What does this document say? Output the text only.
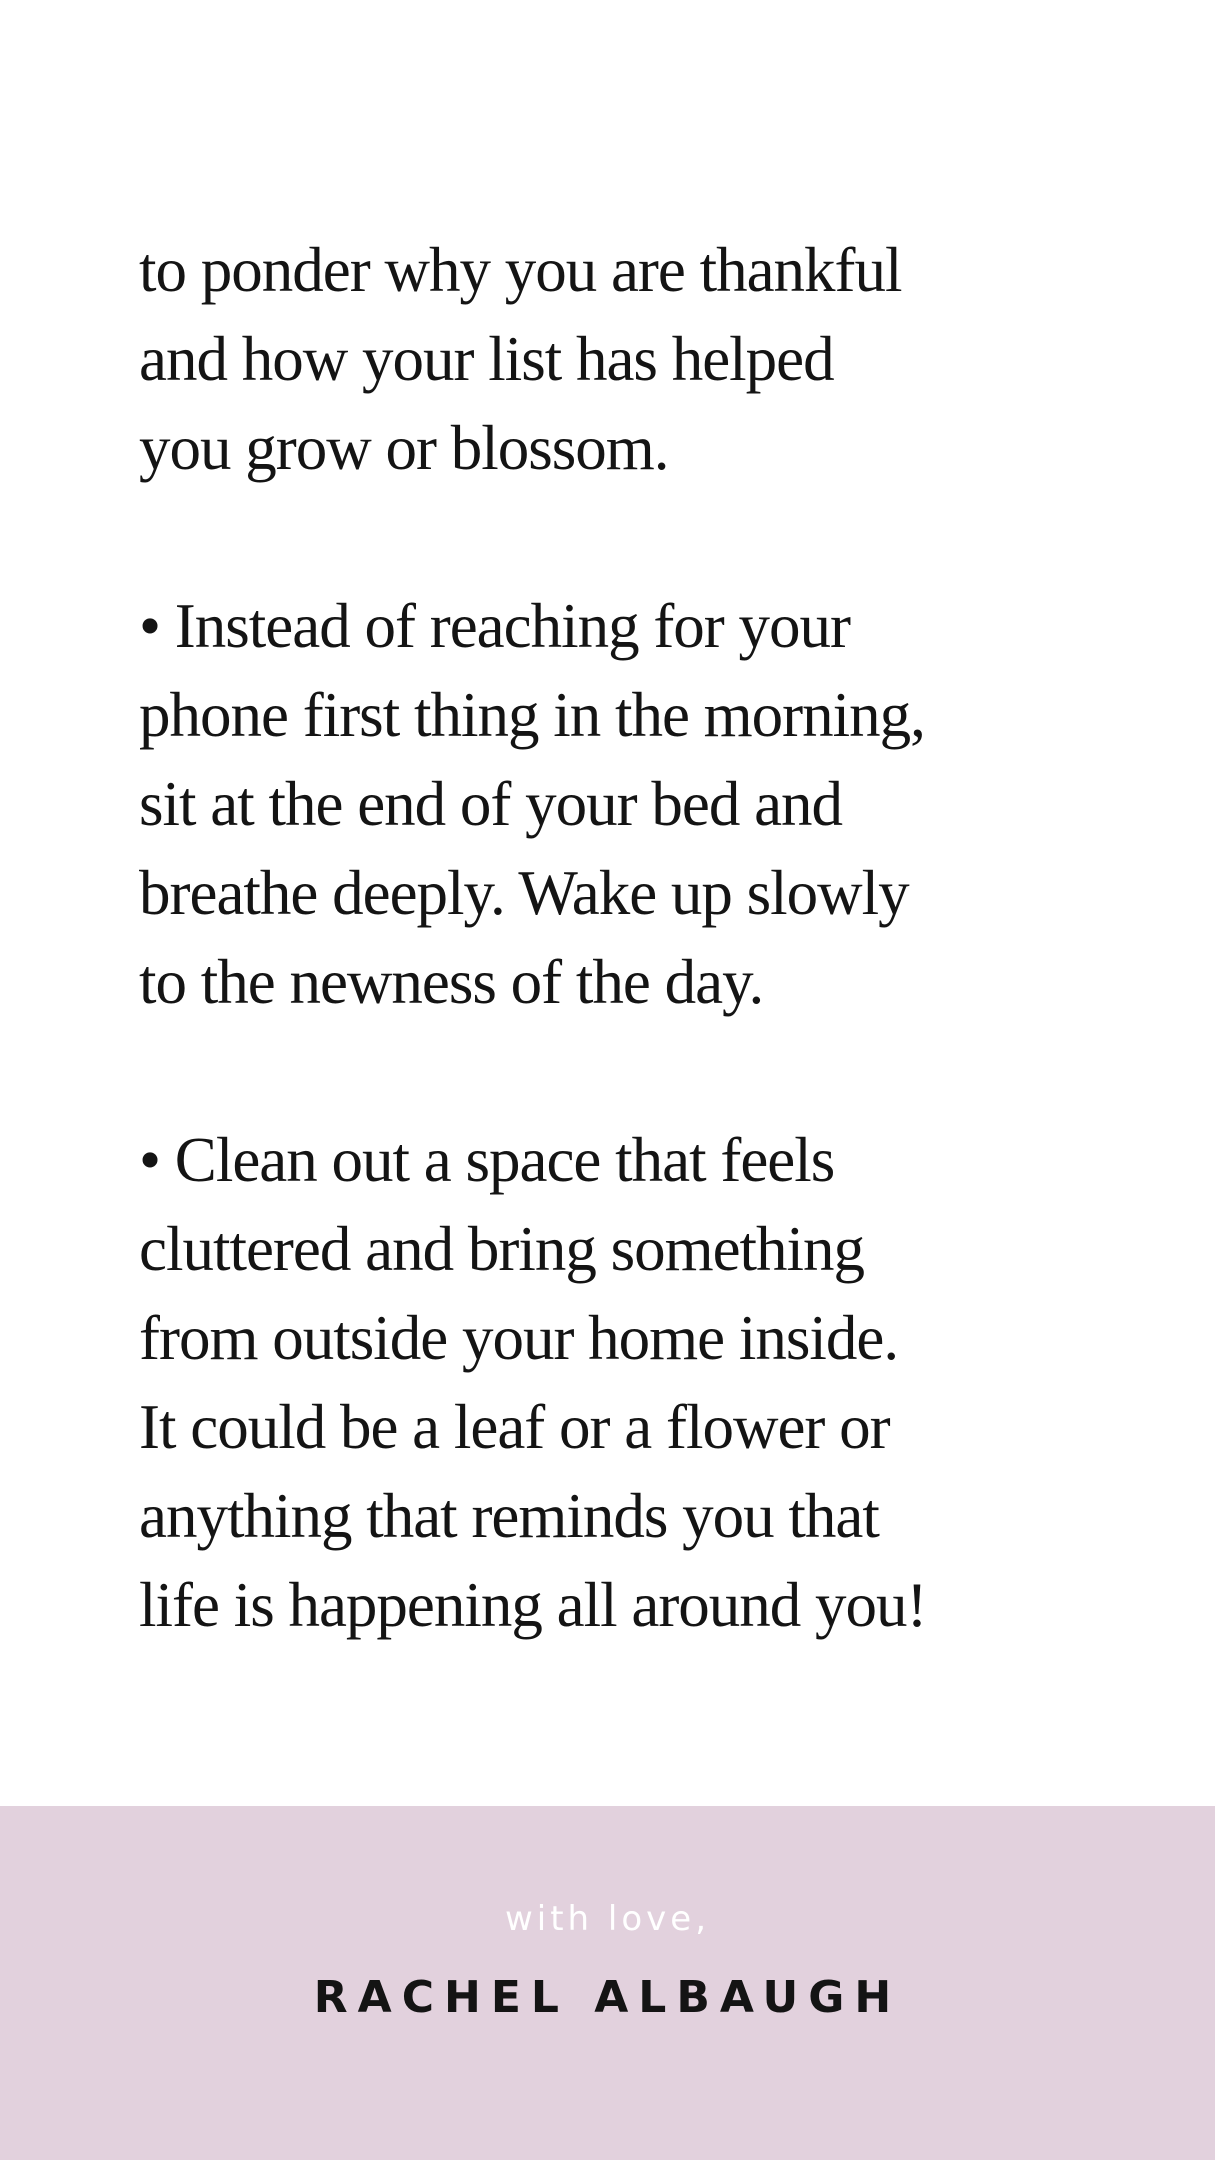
to ponder why you are thankful
and how your list has helped
you grow or blossom.

• Instead of reaching for your
phone first thing in the morning,
sit at the end of your bed and
breathe deeply. Wake up slowly
to the newness of the day.

• Clean out a space that feels
cluttered and bring something
from outside your home inside.
It could be a leaf or a flower or
anything that reminds you that
life is happening all around you!

with love,
RACHEL ALBAUGH
